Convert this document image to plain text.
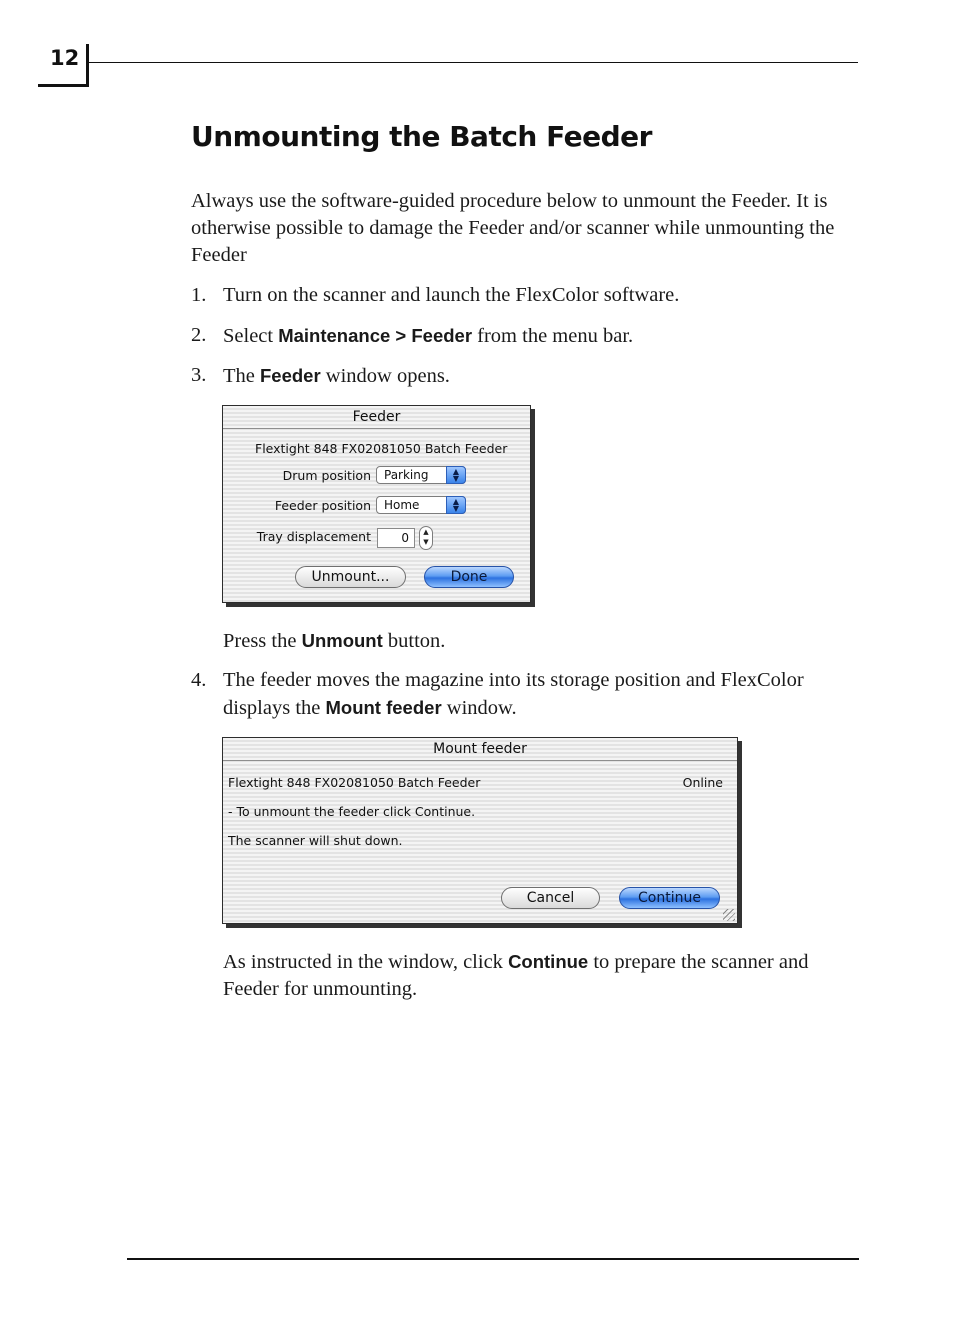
12
Unmounting the Batch Feeder

Always use the software-guided procedure below to unmount the Feeder. It is otherwise possible to damage the Feeder and/or scanner while unmounting the Feeder

1. Turn on the scanner and launch the FlexColor software.
2. Select Maintenance > Feeder from the menu bar.
3. The Feeder window opens.
Feeder
Flextight 848 FX02081050 Batch Feeder
Drum position	Parking	▲
▼
Feeder position	Home	▲
▼
Tray displacement	0	▲
▼
Unmount...	Done

Press the Unmount button.

4. The feeder moves the magazine into its storage position and FlexColor displays the Mount feeder window.
Mount feeder
Flextight 848 FX02081050 Batch Feeder	Online
- To unmount the feeder click Continue.
The scanner will shut down.
Cancel	Continue

As instructed in the window, click Continue to prepare the scanner and Feeder for unmounting.
